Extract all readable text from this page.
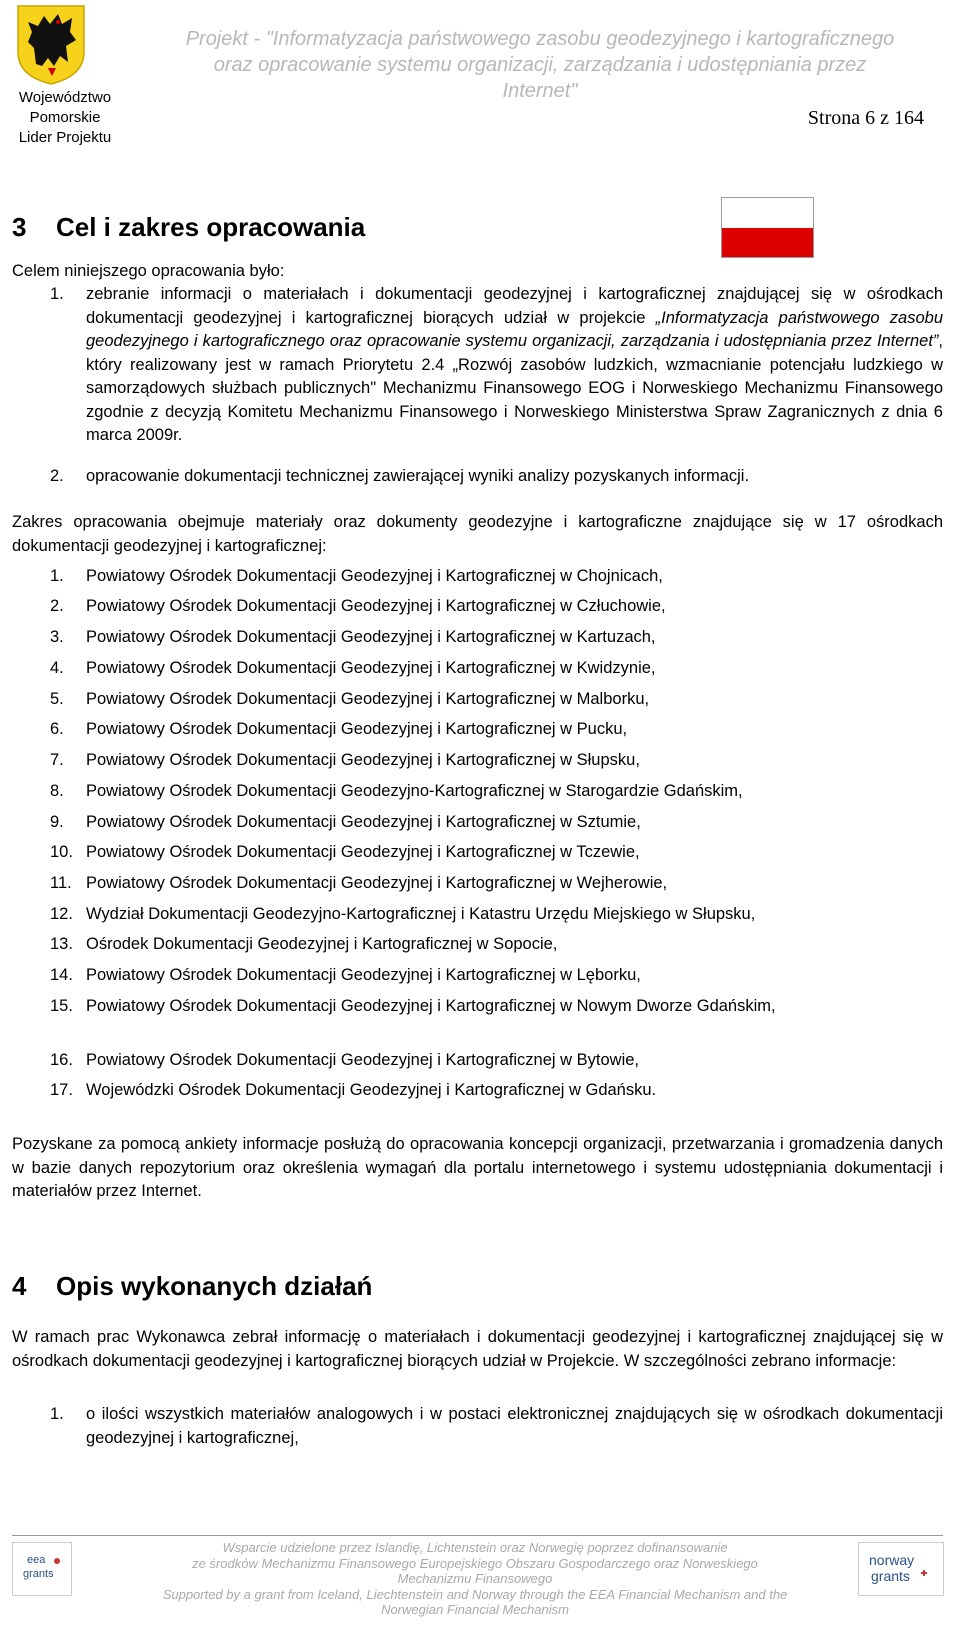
Województwo
Pomorskie
Lider Projektu
Projekt - "Informatyzacja państwowego zasobu geodezyjnego i kartograficznego
oraz opracowanie systemu organizacji, zarządzania i udostępniania przez
Internet"
Strona 6 z 164
3 Cel i zakres opracowania
Celem niniejszego opracowania było:
1.	zebranie informacji o materiałach i dokumentacji geodezyjnej i kartograficznej znajdującej się w ośrodkach dokumentacji geodezyjnej i kartograficznej biorących udział w projekcie „Informatyzacja państwowego zasobu geodezyjnego i kartograficznego oraz opracowanie systemu organizacji, zarządzania i udostępniania przez Internet”, który realizowany jest w ramach Priorytetu 2.4 „Rozwój zasobów ludzkich, wzmacnianie potencjału ludzkiego w samorządowych służbach publicznych" Mechanizmu Finansowego EOG i Norweskiego Mechanizmu Finansowego zgodnie z decyzją Komitetu Mechanizmu Finansowego i Norweskiego Ministerstwa Spraw Zagranicznych z dnia 6 marca 2009r.
2.	opracowanie dokumentacji technicznej zawierającej wyniki analizy pozyskanych informacji.
Zakres opracowania obejmuje materiały oraz dokumenty geodezyjne i kartograficzne znajdujące się w 17 ośrodkach dokumentacji geodezyjnej i kartograficznej:
1.	Powiatowy Ośrodek Dokumentacji Geodezyjnej i Kartograficznej w Chojnicach,
2.	Powiatowy Ośrodek Dokumentacji Geodezyjnej i Kartograficznej w Człuchowie,
3.	Powiatowy Ośrodek Dokumentacji Geodezyjnej i Kartograficznej w Kartuzach,
4.	Powiatowy Ośrodek Dokumentacji Geodezyjnej i Kartograficznej w Kwidzynie,
5.	Powiatowy Ośrodek Dokumentacji Geodezyjnej i Kartograficznej w Malborku,
6.	Powiatowy Ośrodek Dokumentacji Geodezyjnej i Kartograficznej w Pucku,
7.	Powiatowy Ośrodek Dokumentacji Geodezyjnej i Kartograficznej w Słupsku,
8.	Powiatowy Ośrodek Dokumentacji Geodezyjno-Kartograficznej w Starogardzie Gdańskim,
9.	Powiatowy Ośrodek Dokumentacji Geodezyjnej i Kartograficznej w Sztumie,
10. Powiatowy Ośrodek Dokumentacji Geodezyjnej i Kartograficznej w Tczewie,
11. Powiatowy Ośrodek Dokumentacji Geodezyjnej i Kartograficznej w Wejherowie,
12. Wydział Dokumentacji Geodezyjno-Kartograficznej i Katastru Urzędu Miejskiego w Słupsku,
13. Ośrodek Dokumentacji Geodezyjnej i Kartograficznej w Sopocie,
14. Powiatowy Ośrodek Dokumentacji Geodezyjnej i Kartograficznej w Lęborku,
15. Powiatowy Ośrodek Dokumentacji Geodezyjnej i Kartograficznej w Nowym Dworze Gdańskim,
16. Powiatowy Ośrodek Dokumentacji Geodezyjnej i Kartograficznej w Bytowie,
17. Wojewódzki Ośrodek Dokumentacji Geodezyjnej i Kartograficznej w Gdańsku.
Pozyskane za pomocą ankiety informacje posłużą do opracowania koncepcji organizacji, przetwarzania i gromadzenia danych w bazie danych repozytorium oraz określenia wymagań dla portalu internetowego i systemu udostępniania dokumentacji i materiałów przez Internet.
4 Opis wykonanych działań
W ramach prac Wykonawca zebrał informację o materiałach i dokumentacji geodezyjnej i kartograficznej znajdującej się w ośrodkach dokumentacji geodezyjnej i kartograficznej biorących udział w Projekcie. W szczególności zebrano informacje:
1.	o ilości wszystkich materiałów analogowych i w postaci elektronicznej znajdujących się w ośrodkach dokumentacji geodezyjnej i kartograficznej,
eea
grants
Wsparcie udzielone przez Islandię, Lichtenstein oraz Norwegię poprzez dofinansowanie
ze środków Mechanizmu Finansowego Europejskiego Obszaru Gospodarczego oraz Norweskiego
Mechanizmu Finansowego
Supported by a grant from Iceland, Liechtenstein and Norway through the EEA Financial Mechanism and the
Norwegian Financial Mechanism
norway
grants
